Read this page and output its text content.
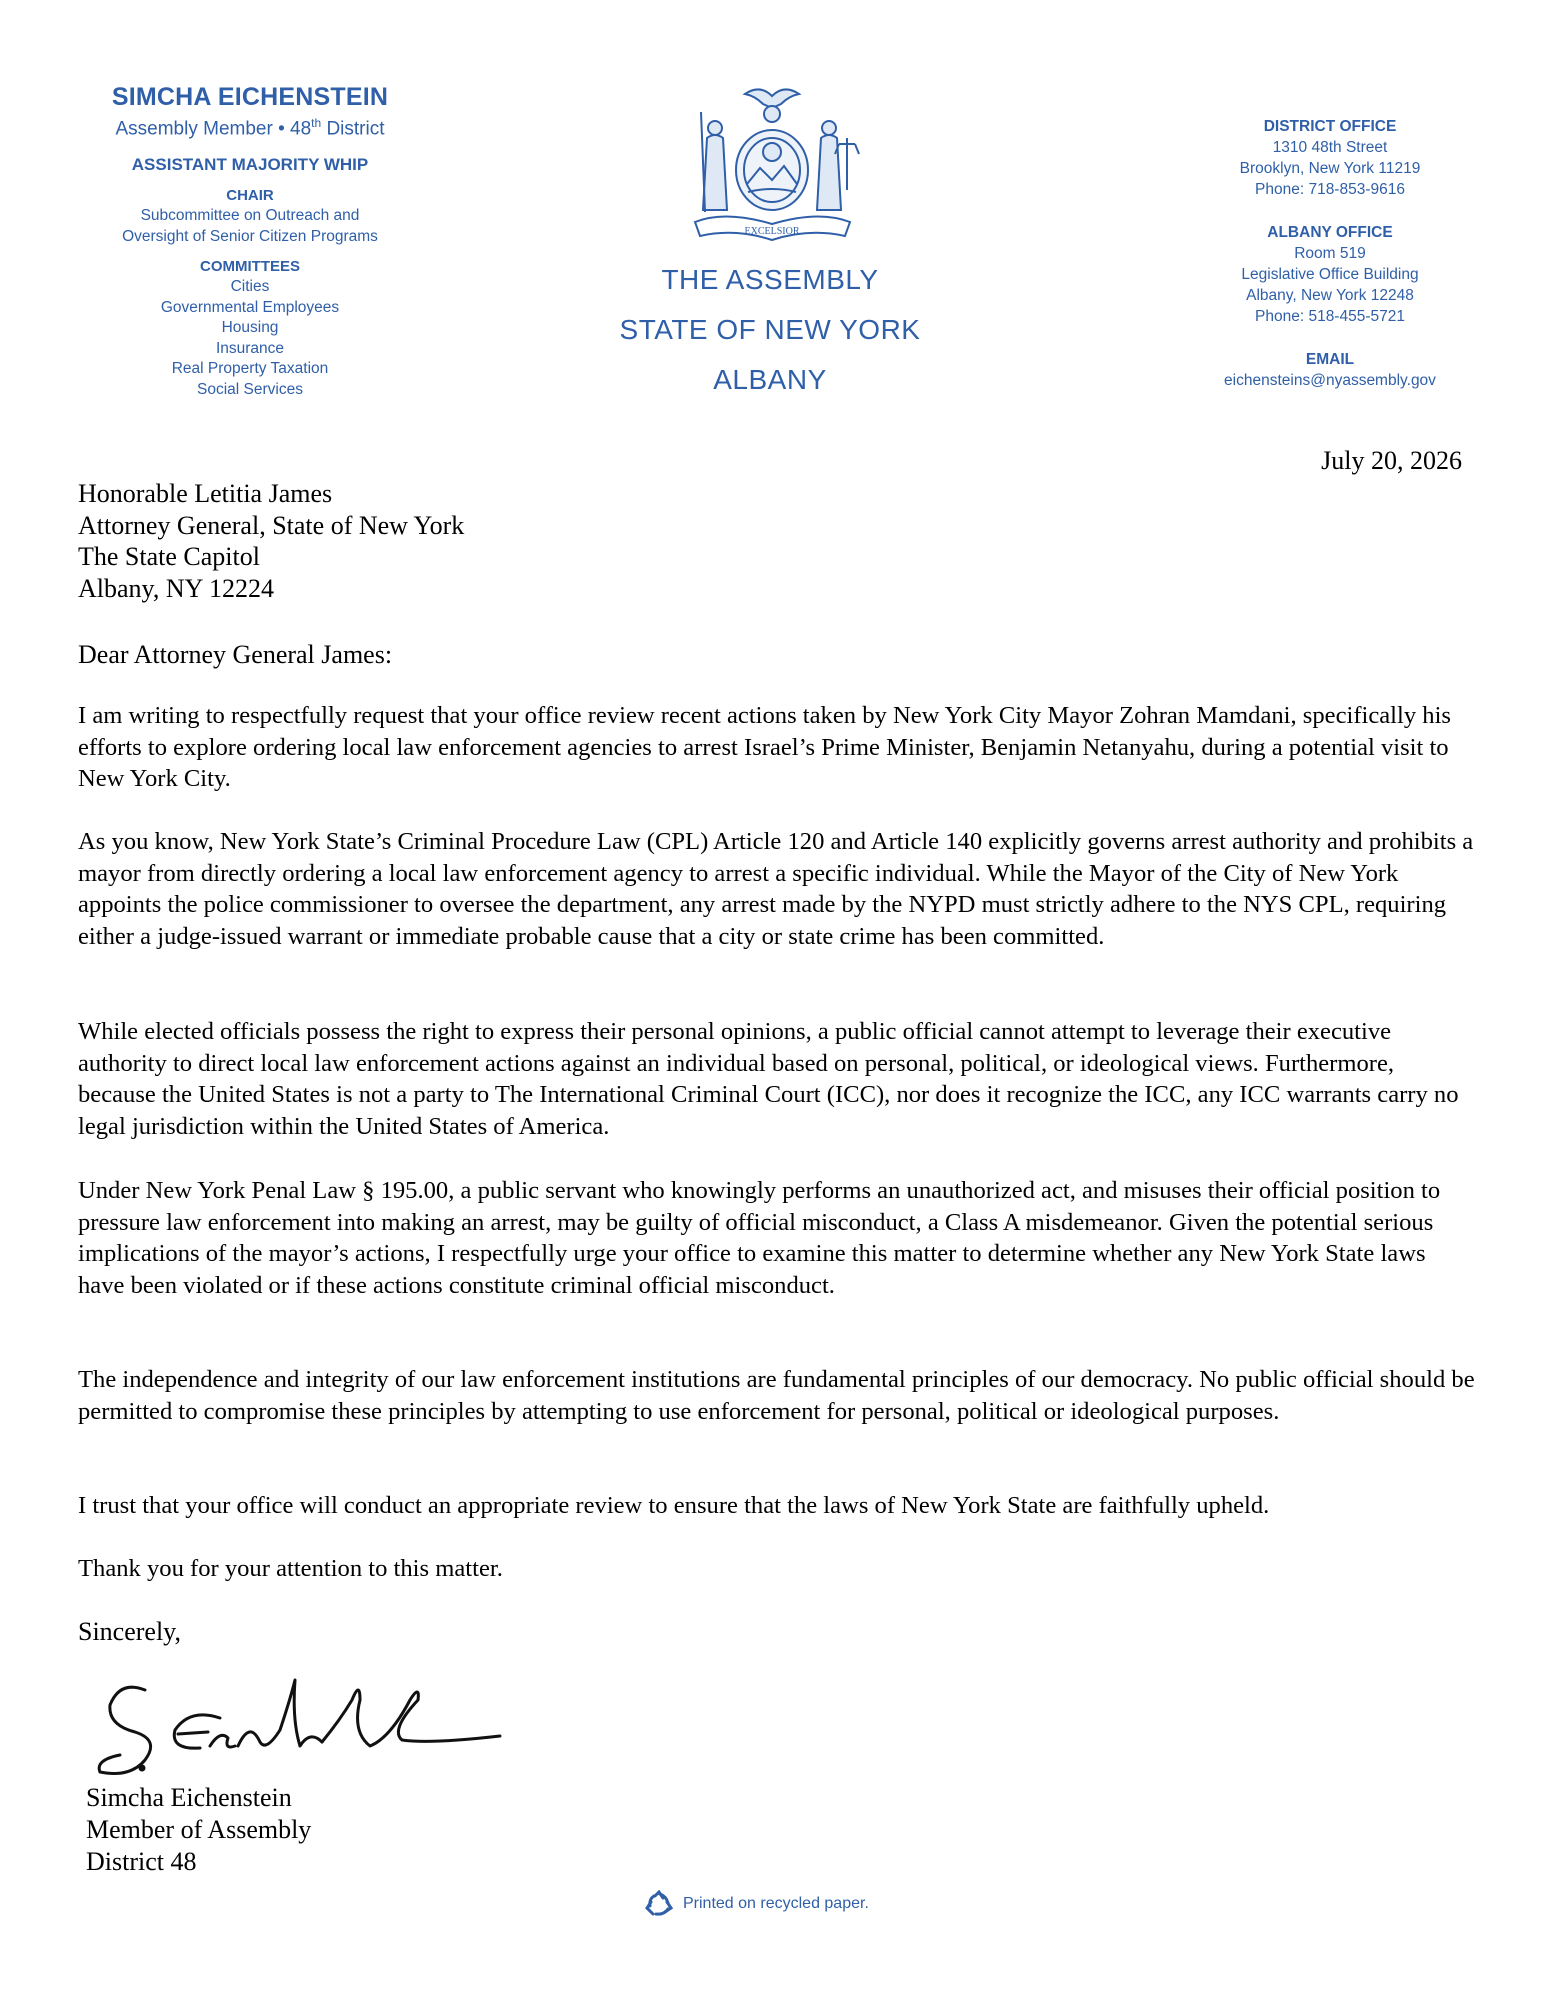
SIMCHA EICHENSTEIN
Assembly Member • 48th District
ASSISTANT MAJORITY WHIP
CHAIR
Subcommittee on Outreach and
Oversight of Senior Citizen Programs
COMMITTEES
Cities
Governmental Employees
Housing
Insurance
Real Property Taxation
Social Services
EXCELSIOR
THE ASSEMBLY
STATE OF NEW YORK
ALBANY
DISTRICT OFFICE
1310 48th Street
Brooklyn, New York 11219
Phone: 718-853-9616
ALBANY OFFICE
Room 519
Legislative Office Building
Albany, New York 12248
Phone: 518-455-5721
EMAIL
eichensteins@nyassembly.gov
July 20, 2026
Honorable Letitia James
Attorney General, State of New York
The State Capitol
Albany, NY 12224
Dear Attorney General James:
I am writing to respectfully request that your office review recent actions taken by New York City Mayor Zohran Mamdani, specifically his efforts to explore ordering local law enforcement agencies to arrest Israel’s Prime Minister, Benjamin Netanyahu, during a potential visit to New York City.
As you know, New York State’s Criminal Procedure Law (CPL) Article 120 and Article 140 explicitly governs arrest authority and prohibits a mayor from directly ordering a local law enforcement agency to arrest a specific individual. While the Mayor of the City of New York appoints the police commissioner to oversee the department, any arrest made by the NYPD must strictly adhere to the NYS CPL, requiring either a judge-issued warrant or immediate probable cause that a city or state crime has been committed.
While elected officials possess the right to express their personal opinions, a public official cannot attempt to leverage their executive authority to direct local law enforcement actions against an individual based on personal, political, or ideological views. Furthermore, because the United States is not a party to The International Criminal Court (ICC), nor does it recognize the ICC, any ICC warrants carry no legal jurisdiction within the United States of America.
Under New York Penal Law § 195.00, a public servant who knowingly performs an unauthorized act, and misuses their official position to pressure law enforcement into making an arrest, may be guilty of official misconduct, a Class A misdemeanor. Given the potential serious implications of the mayor’s actions, I respectfully urge your office to examine this matter to determine whether any New York State laws have been violated or if these actions constitute criminal official misconduct.
The independence and integrity of our law enforcement institutions are fundamental principles of our democracy. No public official should be permitted to compromise these principles by attempting to use enforcement for personal, political or ideological purposes.
I trust that your office will conduct an appropriate review to ensure that the laws of New York State are faithfully upheld.
Thank you for your attention to this matter.
Sincerely,
Simcha Eichenstein
Member of Assembly
District 48
Printed on recycled paper.
